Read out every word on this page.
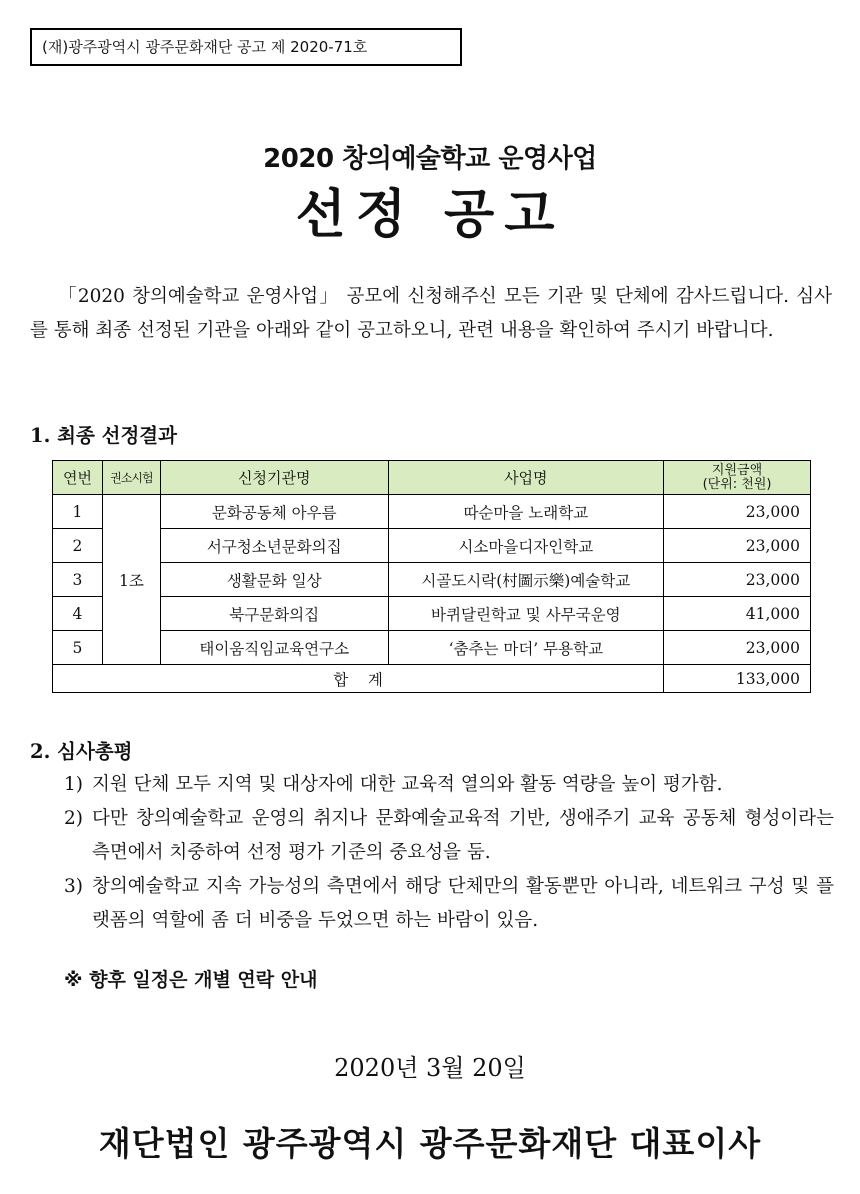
(재)광주광역시 광주문화재단 공고 제 2020-71호
2020 창의예술학교 운영사업
선정 공고
「2020 창의예술학교 운영사업」 공모에 신청해주신 모든 기관 및 단체에 감사드립니다. 심사를 통해 최종 선정된 기관을 아래와 같이 공고하오니, 관련 내용을 확인하여 주시기 바랍니다.
1. 최종 선정결과
연번	권소시험	신청기관명	사업명	지원금액
(단위: 천원)

1	1조	문화공동체 아우름	따순마을 노래학교	23,000
2		서구청소년문화의집	시소마을디자인학교	23,000
3		생활문화 일상	시골도시락(村圖示樂)예술학교	23,000
4		북구문화의집	바퀴달린학교 및 사무국운영	41,000
5		태이움직임교육연구소	‘춤추는 마더’ 무용학교	23,000
합    계				133,000
2. 심사총평
1) 지원 단체 모두 지역 및 대상자에 대한 교육적 열의와 활동 역량을 높이 평가함.
2) 다만 창의예술학교 운영의 취지나 문화예술교육적 기반, 생애주기 교육 공동체 형성이라는 측면에서 치중하여 선정 평가 기준의 중요성을 둠.
3) 창의예술학교 지속 가능성의 측면에서 해당 단체만의 활동뿐만 아니라, 네트워크 구성 및 플랫폼의 역할에 좀 더 비중을 두었으면 하는 바람이 있음.
※ 향후 일정은 개별 연락 안내
2020년 3월 20일
재단법인 광주광역시 광주문화재단 대표이사
